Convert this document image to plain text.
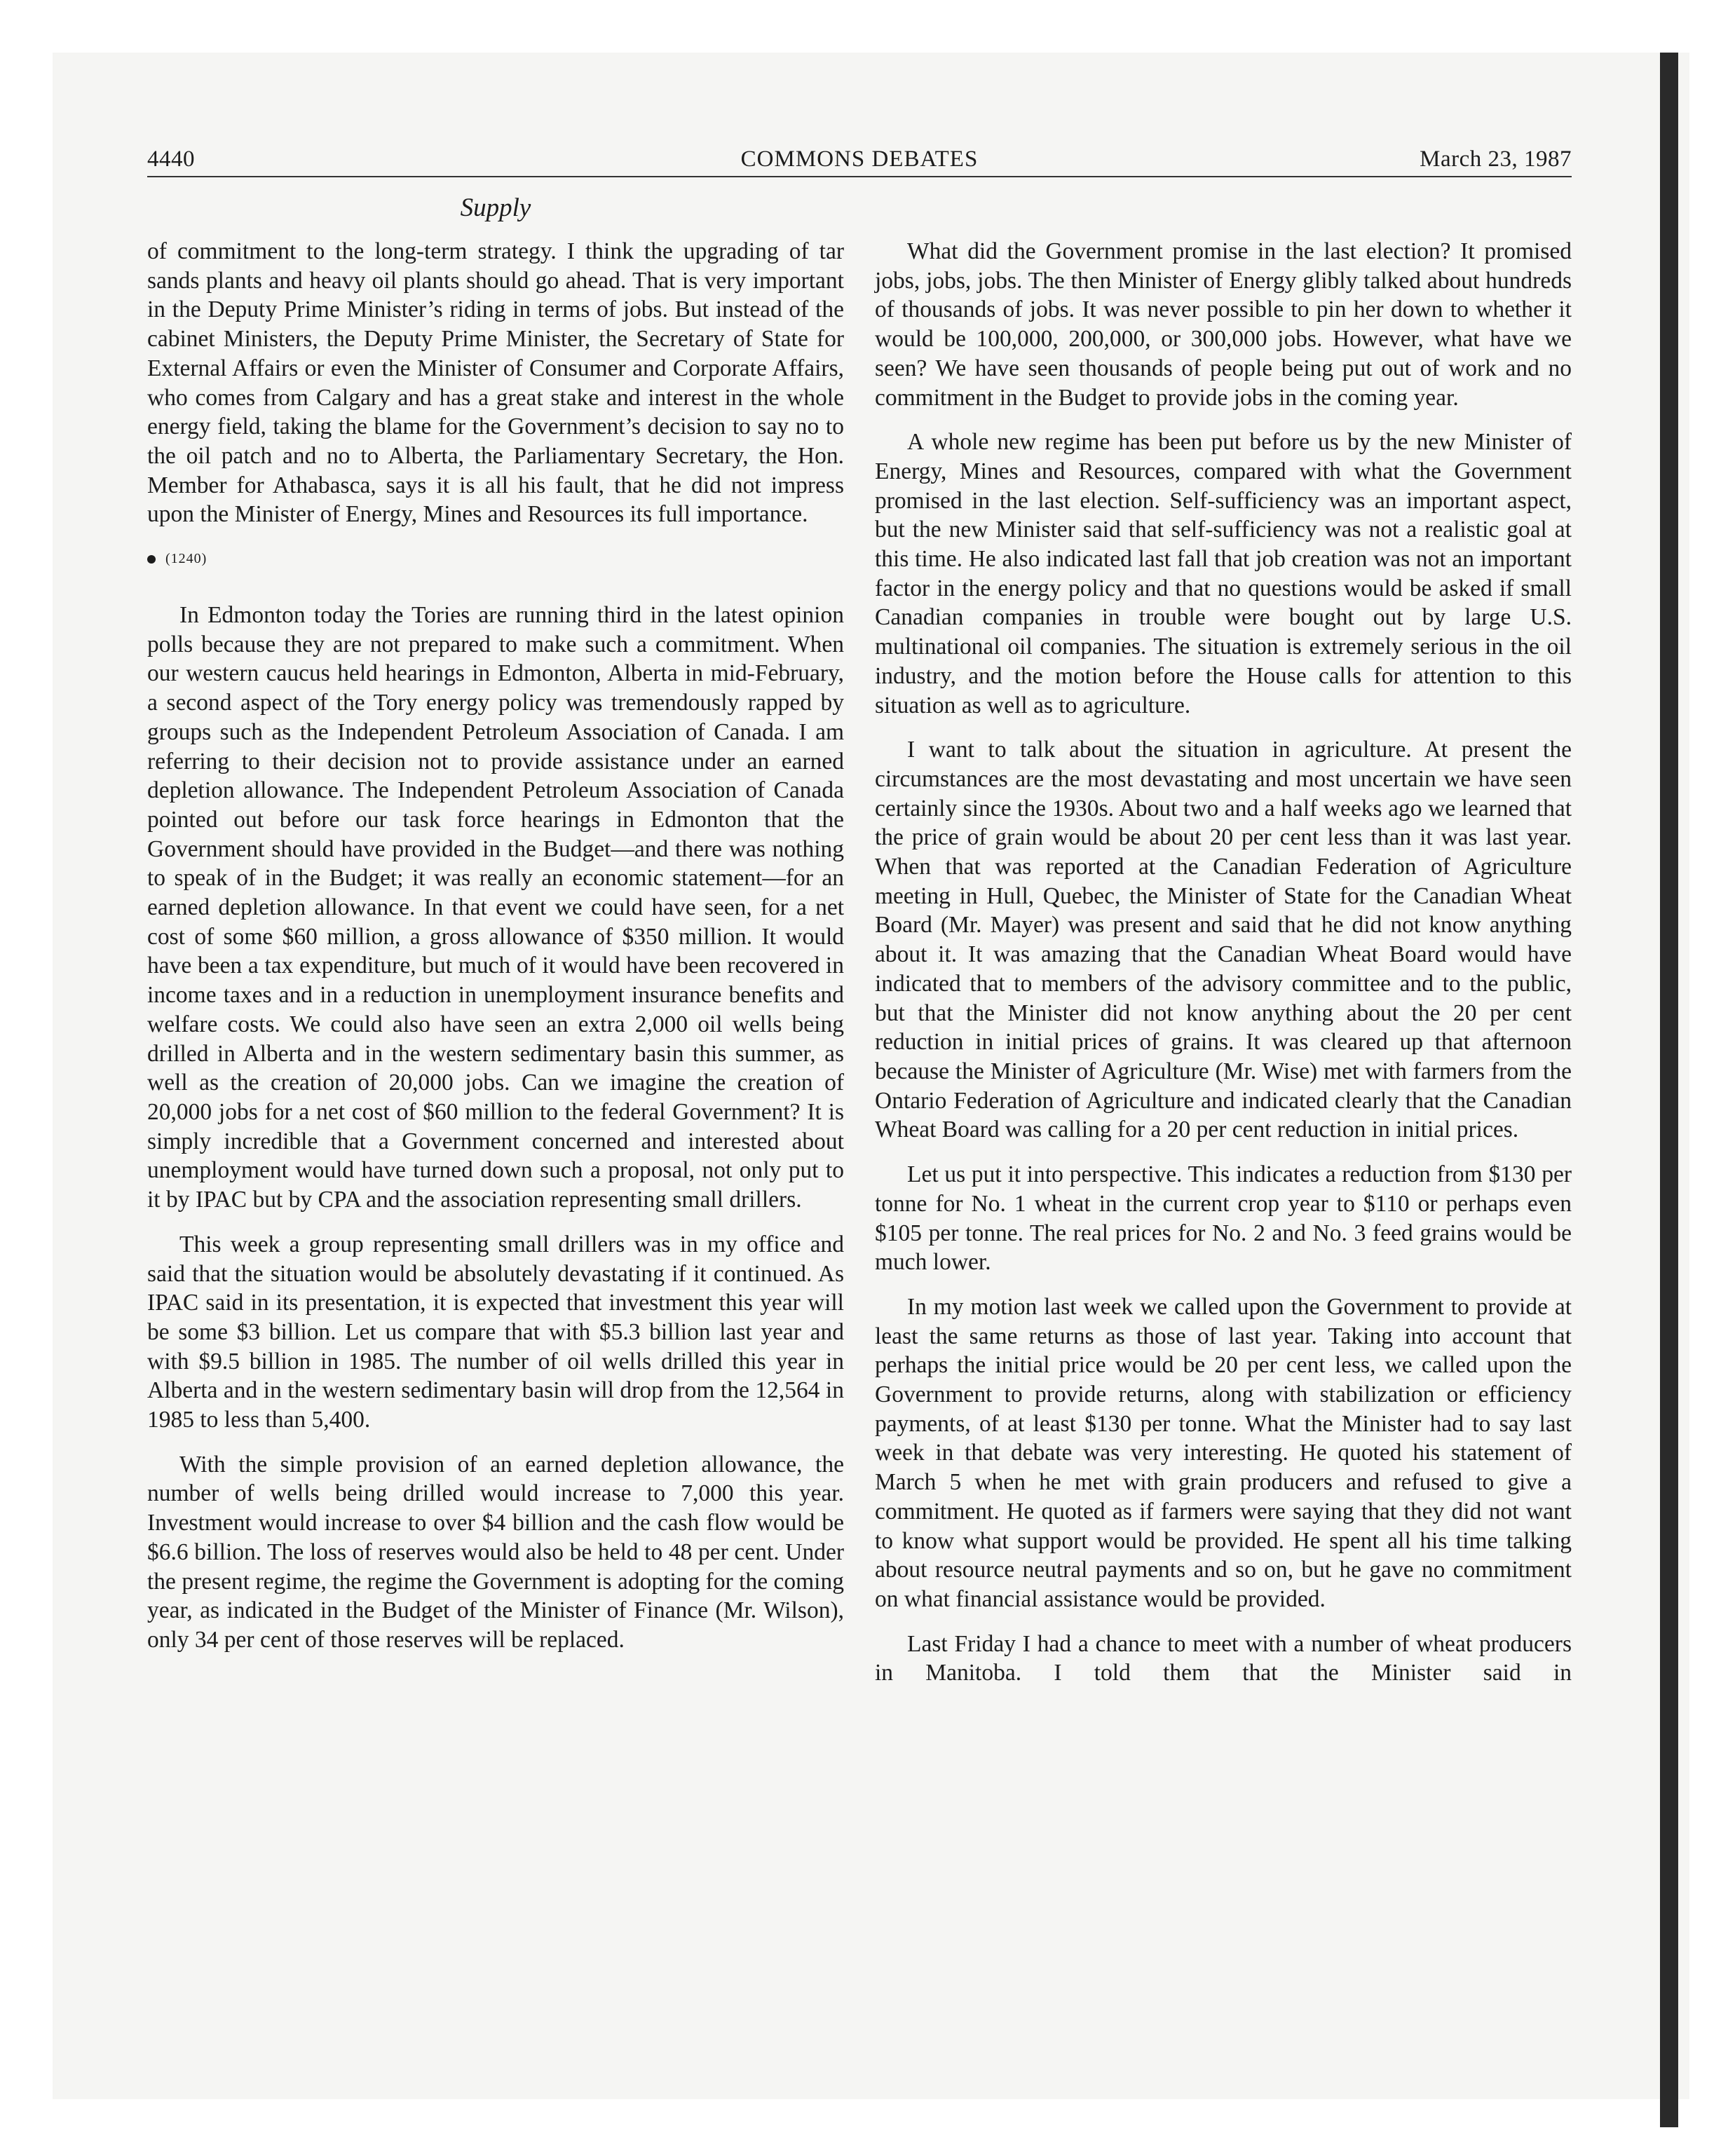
4440	COMMONS DEBATES	March 23, 1987
Supply

of commitment to the long-term strategy. I think the upgrading of tar sands plants and heavy oil plants should go ahead. That is very important in the Deputy Prime Minister’s riding in terms of jobs. But instead of the cabinet Ministers, the Deputy Prime Minister, the Secretary of State for External Affairs or even the Minister of Consumer and Corporate Affairs, who comes from Calgary and has a great stake and interest in the whole energy field, taking the blame for the Government’s decision to say no to the oil patch and no to Alberta, the Parliamentary Secretary, the Hon. Member for Athabasca, says it is all his fault, that he did not impress upon the Minister of Energy, Mines and Resources its full importance.

(1240)

In Edmonton today the Tories are running third in the latest opinion polls because they are not prepared to make such a commitment. When our western caucus held hearings in Edmonton, Alberta in mid-February, a second aspect of the Tory energy policy was tremendously rapped by groups such as the Independent Petroleum Association of Canada. I am referring to their decision not to provide assistance under an earned depletion allowance. The Independent Petroleum Association of Canada pointed out before our task force hearings in Edmonton that the Government should have provided in the Budget—and there was nothing to speak of in the Budget; it was really an economic statement—for an earned depletion allowance. In that event we could have seen, for a net cost of some $60 million, a gross allowance of $350 million. It would have been a tax expenditure, but much of it would have been recovered in income taxes and in a reduction in unemployment insurance benefits and welfare costs. We could also have seen an extra 2,000 oil wells being drilled in Alberta and in the western sedimentary basin this summer, as well as the creation of 20,000 jobs. Can we imagine the creation of 20,000 jobs for a net cost of $60 million to the federal Government? It is simply incredible that a Government concerned and interested about unemployment would have turned down such a proposal, not only put to it by IPAC but by CPA and the association representing small drillers.

This week a group representing small drillers was in my office and said that the situation would be absolutely devastating if it continued. As IPAC said in its presentation, it is expected that investment this year will be some $3 billion. Let us compare that with $5.3 billion last year and with $9.5 billion in 1985. The number of oil wells drilled this year in Alberta and in the western sedimentary basin will drop from the 12,564 in 1985 to less than 5,400.

With the simple provision of an earned depletion allowance, the number of wells being drilled would increase to 7,000 this year. Investment would increase to over $4 billion and the cash flow would be $6.6 billion. The loss of reserves would also be held to 48 per cent. Under the present regime, the regime the Government is adopting for the coming year, as indicated in the Budget of the Minister of Finance (Mr. Wilson), only 34 per cent of those reserves will be replaced.

What did the Government promise in the last election? It promised jobs, jobs, jobs. The then Minister of Energy glibly talked about hundreds of thousands of jobs. It was never possible to pin her down to whether it would be 100,000, 200,000, or 300,000 jobs. However, what have we seen? We have seen thousands of people being put out of work and no commitment in the Budget to provide jobs in the coming year.

A whole new regime has been put before us by the new Minister of Energy, Mines and Resources, compared with what the Government promised in the last election. Self-sufficiency was an important aspect, but the new Minister said that self-sufficiency was not a realistic goal at this time. He also indicated last fall that job creation was not an important factor in the energy policy and that no questions would be asked if small Canadian companies in trouble were bought out by large U.S. multinational oil companies. The situation is extremely serious in the oil industry, and the motion before the House calls for attention to this situation as well as to agriculture.

I want to talk about the situation in agriculture. At present the circumstances are the most devastating and most uncertain we have seen certainly since the 1930s. About two and a half weeks ago we learned that the price of grain would be about 20 per cent less than it was last year. When that was reported at the Canadian Federation of Agriculture meeting in Hull, Quebec, the Minister of State for the Canadian Wheat Board (Mr. Mayer) was present and said that he did not know anything about it. It was amazing that the Canadian Wheat Board would have indicated that to members of the advisory committee and to the public, but that the Minister did not know anything about the 20 per cent reduction in initial prices of grains. It was cleared up that afternoon because the Minister of Agriculture (Mr. Wise) met with farmers from the Ontario Federation of Agriculture and indicated clearly that the Canadian Wheat Board was calling for a 20 per cent reduction in initial prices.

Let us put it into perspective. This indicates a reduction from $130 per tonne for No. 1 wheat in the current crop year to $110 or perhaps even $105 per tonne. The real prices for No. 2 and No. 3 feed grains would be much lower.

In my motion last week we called upon the Government to provide at least the same returns as those of last year. Taking into account that perhaps the initial price would be 20 per cent less, we called upon the Government to provide returns, along with stabilization or efficiency payments, of at least $130 per tonne. What the Minister had to say last week in that debate was very interesting. He quoted his statement of March 5 when he met with grain producers and refused to give a commitment. He quoted as if farmers were saying that they did not want to know what support would be provided. He spent all his time talking about resource neutral payments and so on, but he gave no commitment on what financial assistance would be provided.

Last Friday I had a chance to meet with a number of wheat producers in Manitoba. I told them that the Minister said in
